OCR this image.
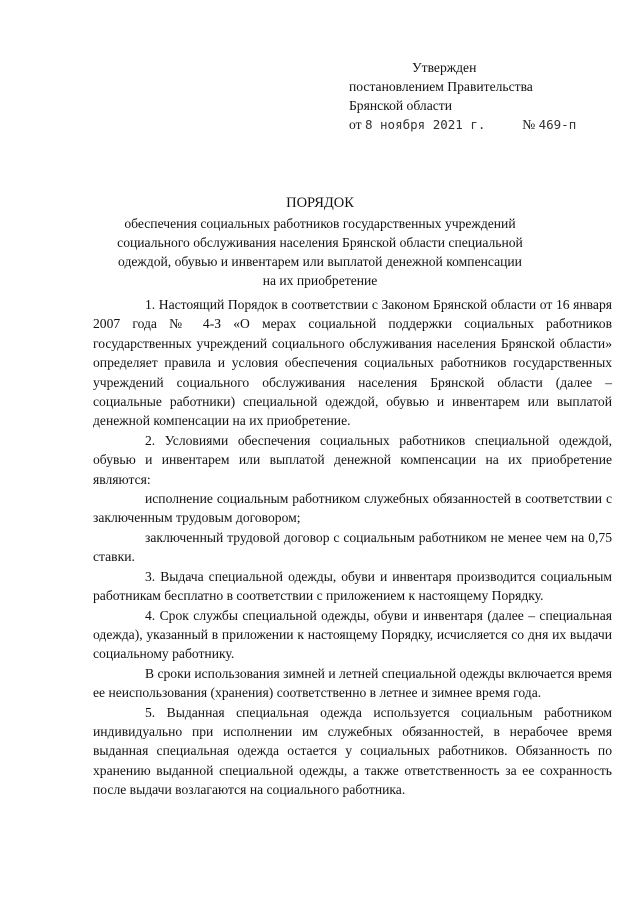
Утвержден
постановлением Правительства
Брянской области
от 8 ноября 2021 г.	№ 469-п
ПОРЯДОК
обеспечения социальных работников государственных учреждений
социального обслуживания населения Брянской области специальной
одеждой, обувью и инвентарем или выплатой денежной компенсации
на их приобретение

1. Настоящий Порядок в соответствии с Законом Брянской области от 16 января 2007 года № 4-З «О мерах социальной поддержки социальных работников государственных учреждений социального обслуживания населения Брянской области» определяет правила и условия обеспечения социальных работников государственных учреждений социального обслуживания населения Брянской области (далее – социальные работники) специальной одеждой, обувью и инвентарем или выплатой денежной компенсации на их приобретение.

2. Условиями обеспечения социальных работников специальной одеждой, обувью и инвентарем или выплатой денежной компенсации на их приобретение являются:

исполнение социальным работником служебных обязанностей в соответствии с заключенным трудовым договором;

заключенный трудовой договор с социальным работником не менее чем на 0,75 ставки.

3. Выдача специальной одежды, обуви и инвентаря производится социальным работникам бесплатно в соответствии с приложением к настоящему Порядку.

4. Срок службы специальной одежды, обуви и инвентаря (далее – специальная одежда), указанный в приложении к настоящему Порядку, исчисляется со дня их выдачи социальному работнику.

В сроки использования зимней и летней специальной одежды включается время ее неиспользования (хранения) соответственно в летнее и зимнее время года.

5. Выданная специальная одежда используется социальным работником индивидуально при исполнении им служебных обязанностей, в нерабочее время выданная специальная одежда остается у социальных работников. Обязанность по хранению выданной специальной одежды, а также ответственность за ее сохранность после выдачи возлагаются на социального работника.
